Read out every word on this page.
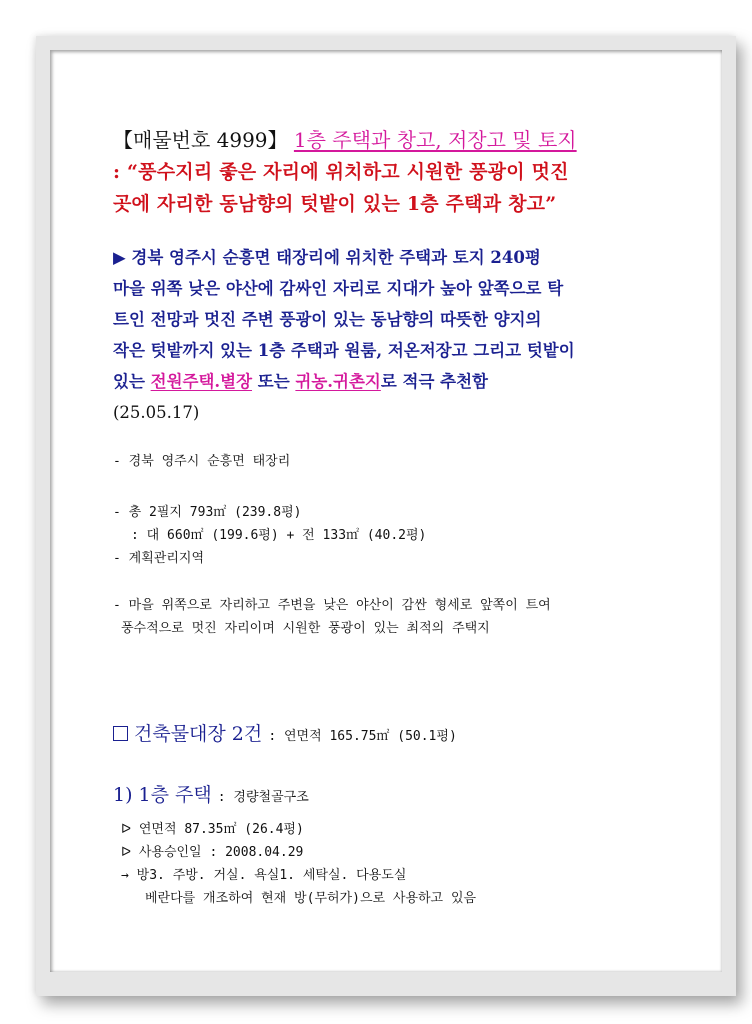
【매물번호 4999】 1층 주택과 창고, 저장고 및 토지
: “풍수지리 좋은 자리에 위치하고 시원한 풍광이 멋진
곳에 자리한 동남향의 텃밭이 있는 1층 주택과 창고”
▶ 경북 영주시 순흥면 태장리에 위치한 주택과 토지 240평
마을 위쪽 낮은 야산에 감싸인 자리로 지대가 높아 앞쪽으로 탁
트인 전망과 멋진 주변 풍광이 있는 동남향의 따뜻한 양지의
작은 텃밭까지 있는 1층 주택과 원룸, 저온저장고 그리고 텃밭이
있는 전원주택.별장 또는 귀농.귀촌지로 적극 추천함
(25.05.17)
- 경북 영주시 순흥면 태장리
- 총 2필지 793㎡ (239.8평)
: 대 660㎡ (199.6평) + 전 133㎡ (40.2평)
- 계획관리지역
- 마을 위쪽으로 자리하고 주변을 낮은 야산이 감싼 형세로 앞쪽이 트여
풍수적으로 멋진 자리이며 시원한 풍광이 있는 최적의 주택지
건축물대장 2건 : 연면적 165.75㎡ (50.1평)
1) 1층 주택 : 경량철골구조
ᐅ 연면적 87.35㎡ (26.4평)
ᐅ 사용승인일 : 2008.04.29
→ 방3. 주방. 거실. 욕실1. 세탁실. 다용도실
베란다를 개조하여 현재 방(무허가)으로 사용하고 있음
